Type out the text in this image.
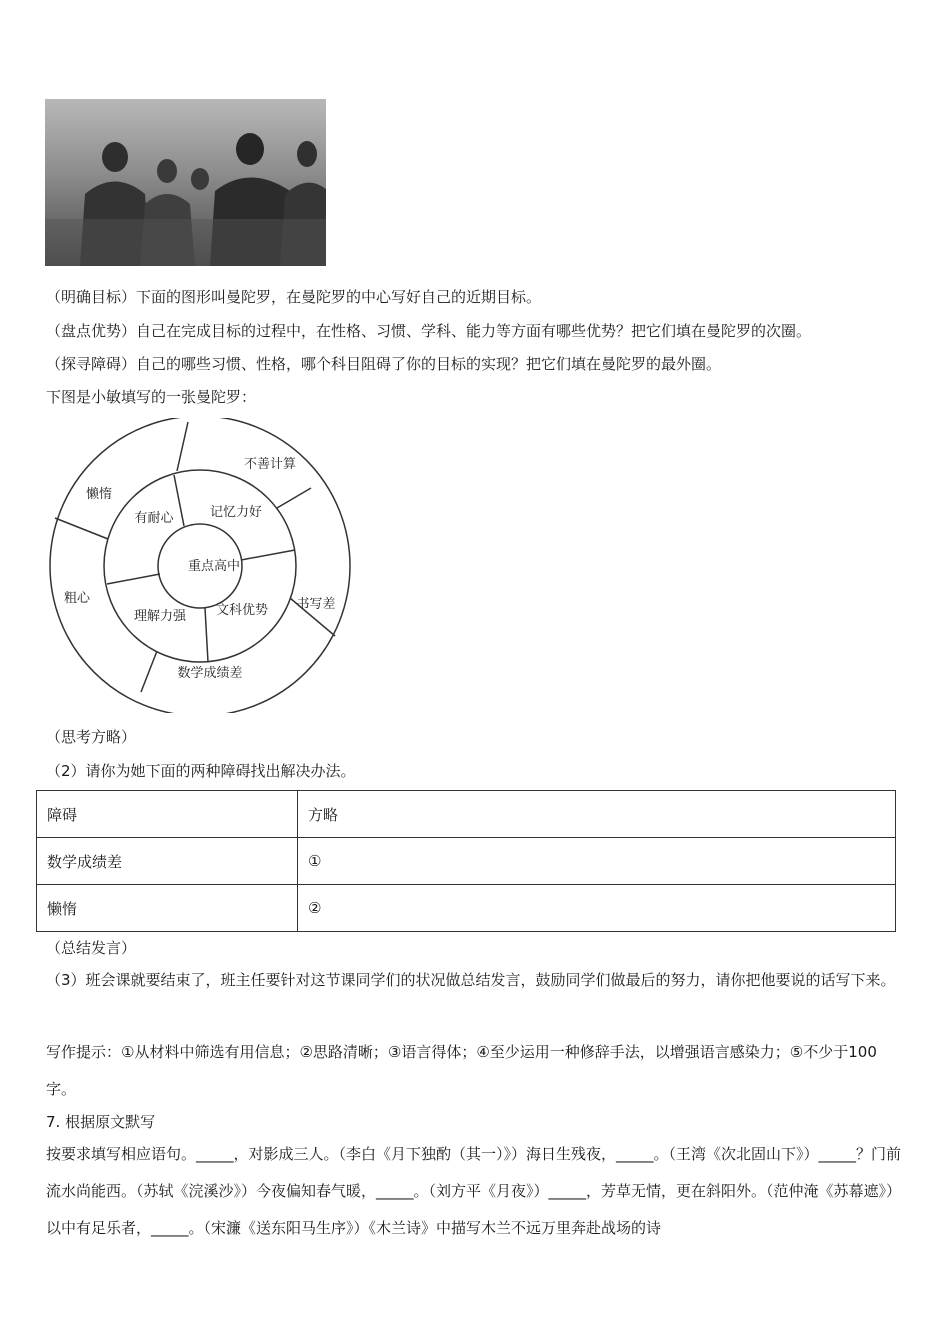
（明确目标）下面的图形叫曼陀罗，在曼陀罗的中心写好自己的近期目标。
（盘点优势）自己在完成目标的过程中，在性格、习惯、学科、能力等方面有哪些优势？把它们填在曼陀罗的次圈。
（探寻障碍）自己的哪些习惯、性格，哪个科目阻碍了你的目标的实现？把它们填在曼陀罗的最外圈。
下图是小敏填写的一张曼陀罗：
重点高中
有耐心	记忆力好
理解力强 文科优势
懒惰
不善计算
书写差
数学成绩差
粗心
（思考方略）
（2）请你为她下面的两种障碍找出解决办法。
障碍	方略
数学成绩差	①
懒惰	②
（总结发言）
（3）班会课就要结束了，班主任要针对这节课同学们的状况做总结发言，鼓励同学们做最后的努力，请你把他要说的话写下来。
写作提示：①从材料中筛选有用信息；②思路清晰；③语言得体；④至少运用一种修辞手法，以增强语言感染力；⑤不少于100字。
7. 根据原文默写
按要求填写相应语句。_____，对影成三人。（李白《月下独酌（其一）》）海日生残夜，_____。（王湾《次北固山下》）_____？门前流水尚能西。（苏轼《浣溪沙》）今夜偏知春气暖，_____。（刘方平《月夜》）_____，芳草无情，更在斜阳外。（范仲淹《苏幕遮》）以中有足乐者，_____。（宋濂《送东阳马生序》）《木兰诗》中描写木兰不远万里奔赴战场的诗
